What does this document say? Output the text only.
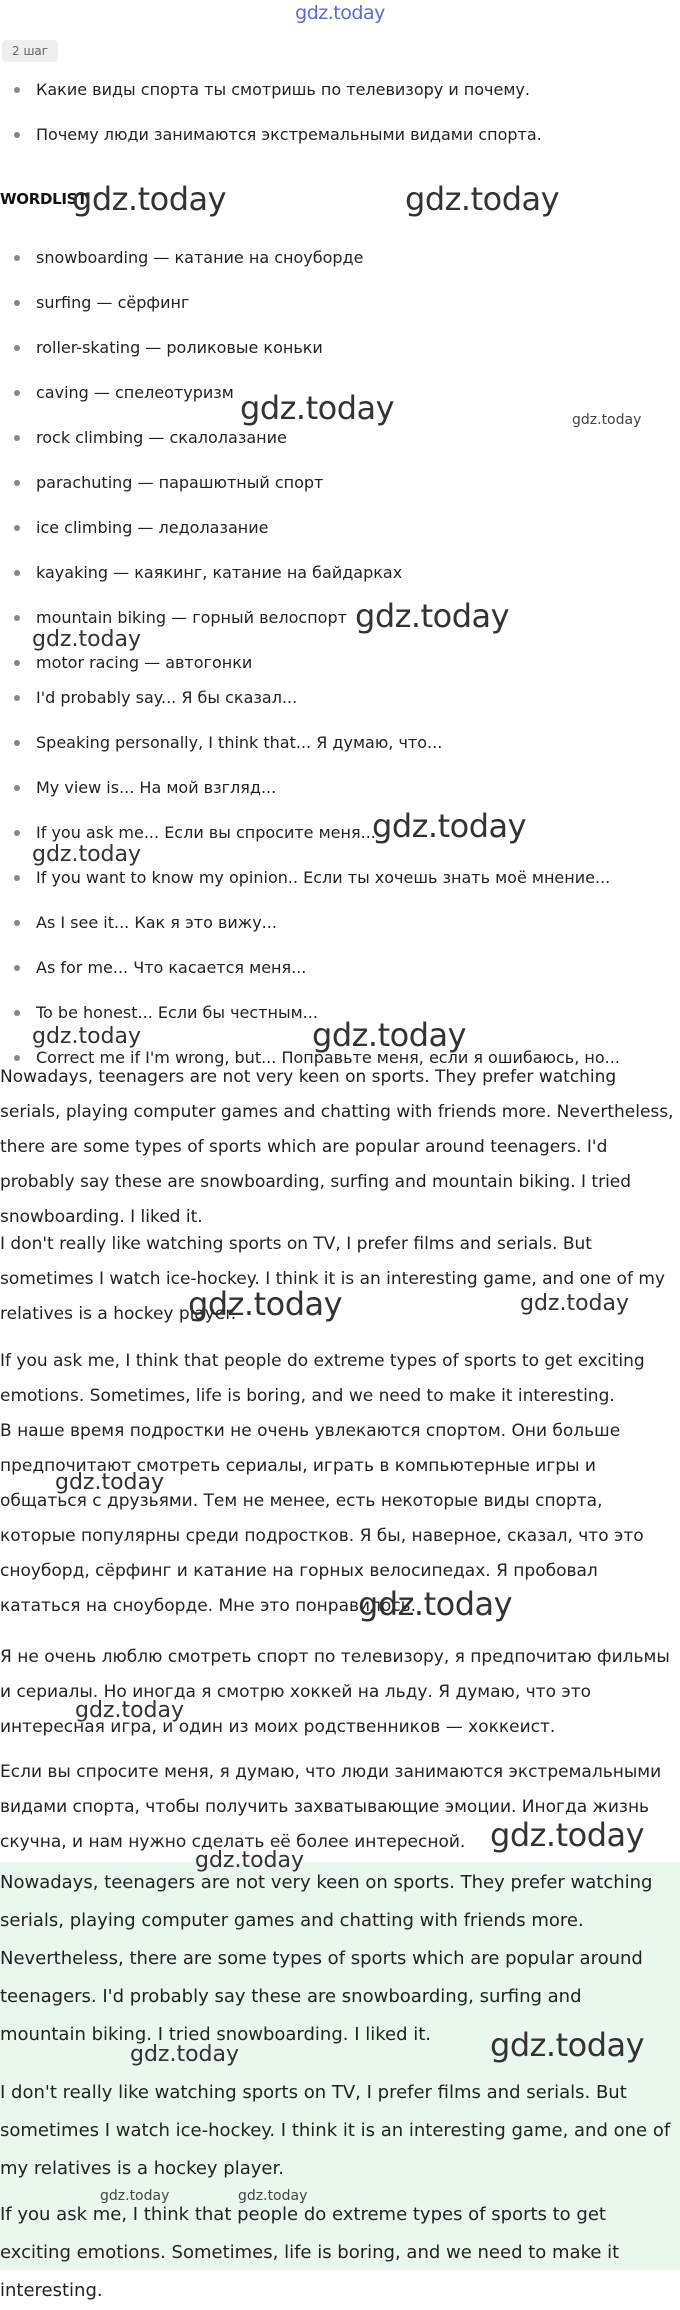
gdz.today
2 шаг
Какие виды спорта ты смотришь по телевизору и почему.
Почему люди занимаются экстремальными видами спорта.
WORDLIST
snowboarding — катание на сноуборде
surfing — сёрфинг
roller-skating — роликовые коньки
caving — спелеотуризм
rock climbing — скалолазание
parachuting — парашютный спорт
ice climbing — ледолазание
kayaking — каякинг, катание на байдарках
mountain biking — горный велоспорт
motor racing — автогонки
I'd probably say... Я бы сказал...
Speaking personally, I think that... Я думаю, что...
My view is... На мой взгляд...
If you ask me... Если вы спросите меня...
If you want to know my opinion.. Если ты хочешь знать моё мнение...
As I see it... Как я это вижу...
As for me... Что касается меня...
To be honest... Если бы честным...
Correct me if I'm wrong, but... Поправьте меня, если я ошибаюсь, но...

Nowadays, teenagers are not very keen on sports. They prefer watching serials, playing computer games and chatting with friends more. Nevertheless, there are some types of sports which are popular around teenagers. I'd probably say these are snowboarding, surfing and mountain biking. I tried snowboarding. I liked it.

I don't really like watching sports on TV, I prefer films and serials. But sometimes I watch ice-hockey. I think it is an interesting game, and one of my relatives is a hockey player.

If you ask me, I think that people do extreme types of sports to get exciting emotions. Sometimes, life is boring, and we need to make it interesting.

В наше время подростки не очень увлекаются спортом. Они больше предпочитают смотреть сериалы, играть в компьютерные игры и общаться с друзьями. Тем не менее, есть некоторые виды спорта, которые популярны среди подростков. Я бы, наверное, сказал, что это сноуборд, сёрфинг и катание на горных велосипедах. Я пробовал кататься на сноуборде. Мне это понравилось.

Я не очень люблю смотреть спорт по телевизору, я предпочитаю фильмы и сериалы. Но иногда я смотрю хоккей на льду. Я думаю, что это интересная игра, и один из моих родственников — хоккеист.

Если вы спросите меня, я думаю, что люди занимаются экстремальными видами спорта, чтобы получить захватывающие эмоции. Иногда жизнь скучна, и нам нужно сделать её более интересной.

Nowadays, teenagers are not very keen on sports. They prefer watching serials, playing computer games and chatting with friends more. Nevertheless, there are some types of sports which are popular around teenagers. I'd probably say these are snowboarding, surfing and mountain biking. I tried snowboarding. I liked it.

I don't really like watching sports on TV, I prefer films and serials. But sometimes I watch ice-hockey. I think it is an interesting game, and one of my relatives is a hockey player.

If you ask me, I think that people do extreme types of sports to get exciting emotions. Sometimes, life is boring, and we need to make it interesting.

gdz.today	gdz.today
gdz.today	gdz.today
gdz.today
gdz.today
gdz.today
gdz.today
gdz.today	gdz.today
gdz.today	gdz.today
gdz.today
gdz.today
gdz.today
gdz.today
gdz.today
gdz.today
gdz.today
gdz.today	gdz.today
